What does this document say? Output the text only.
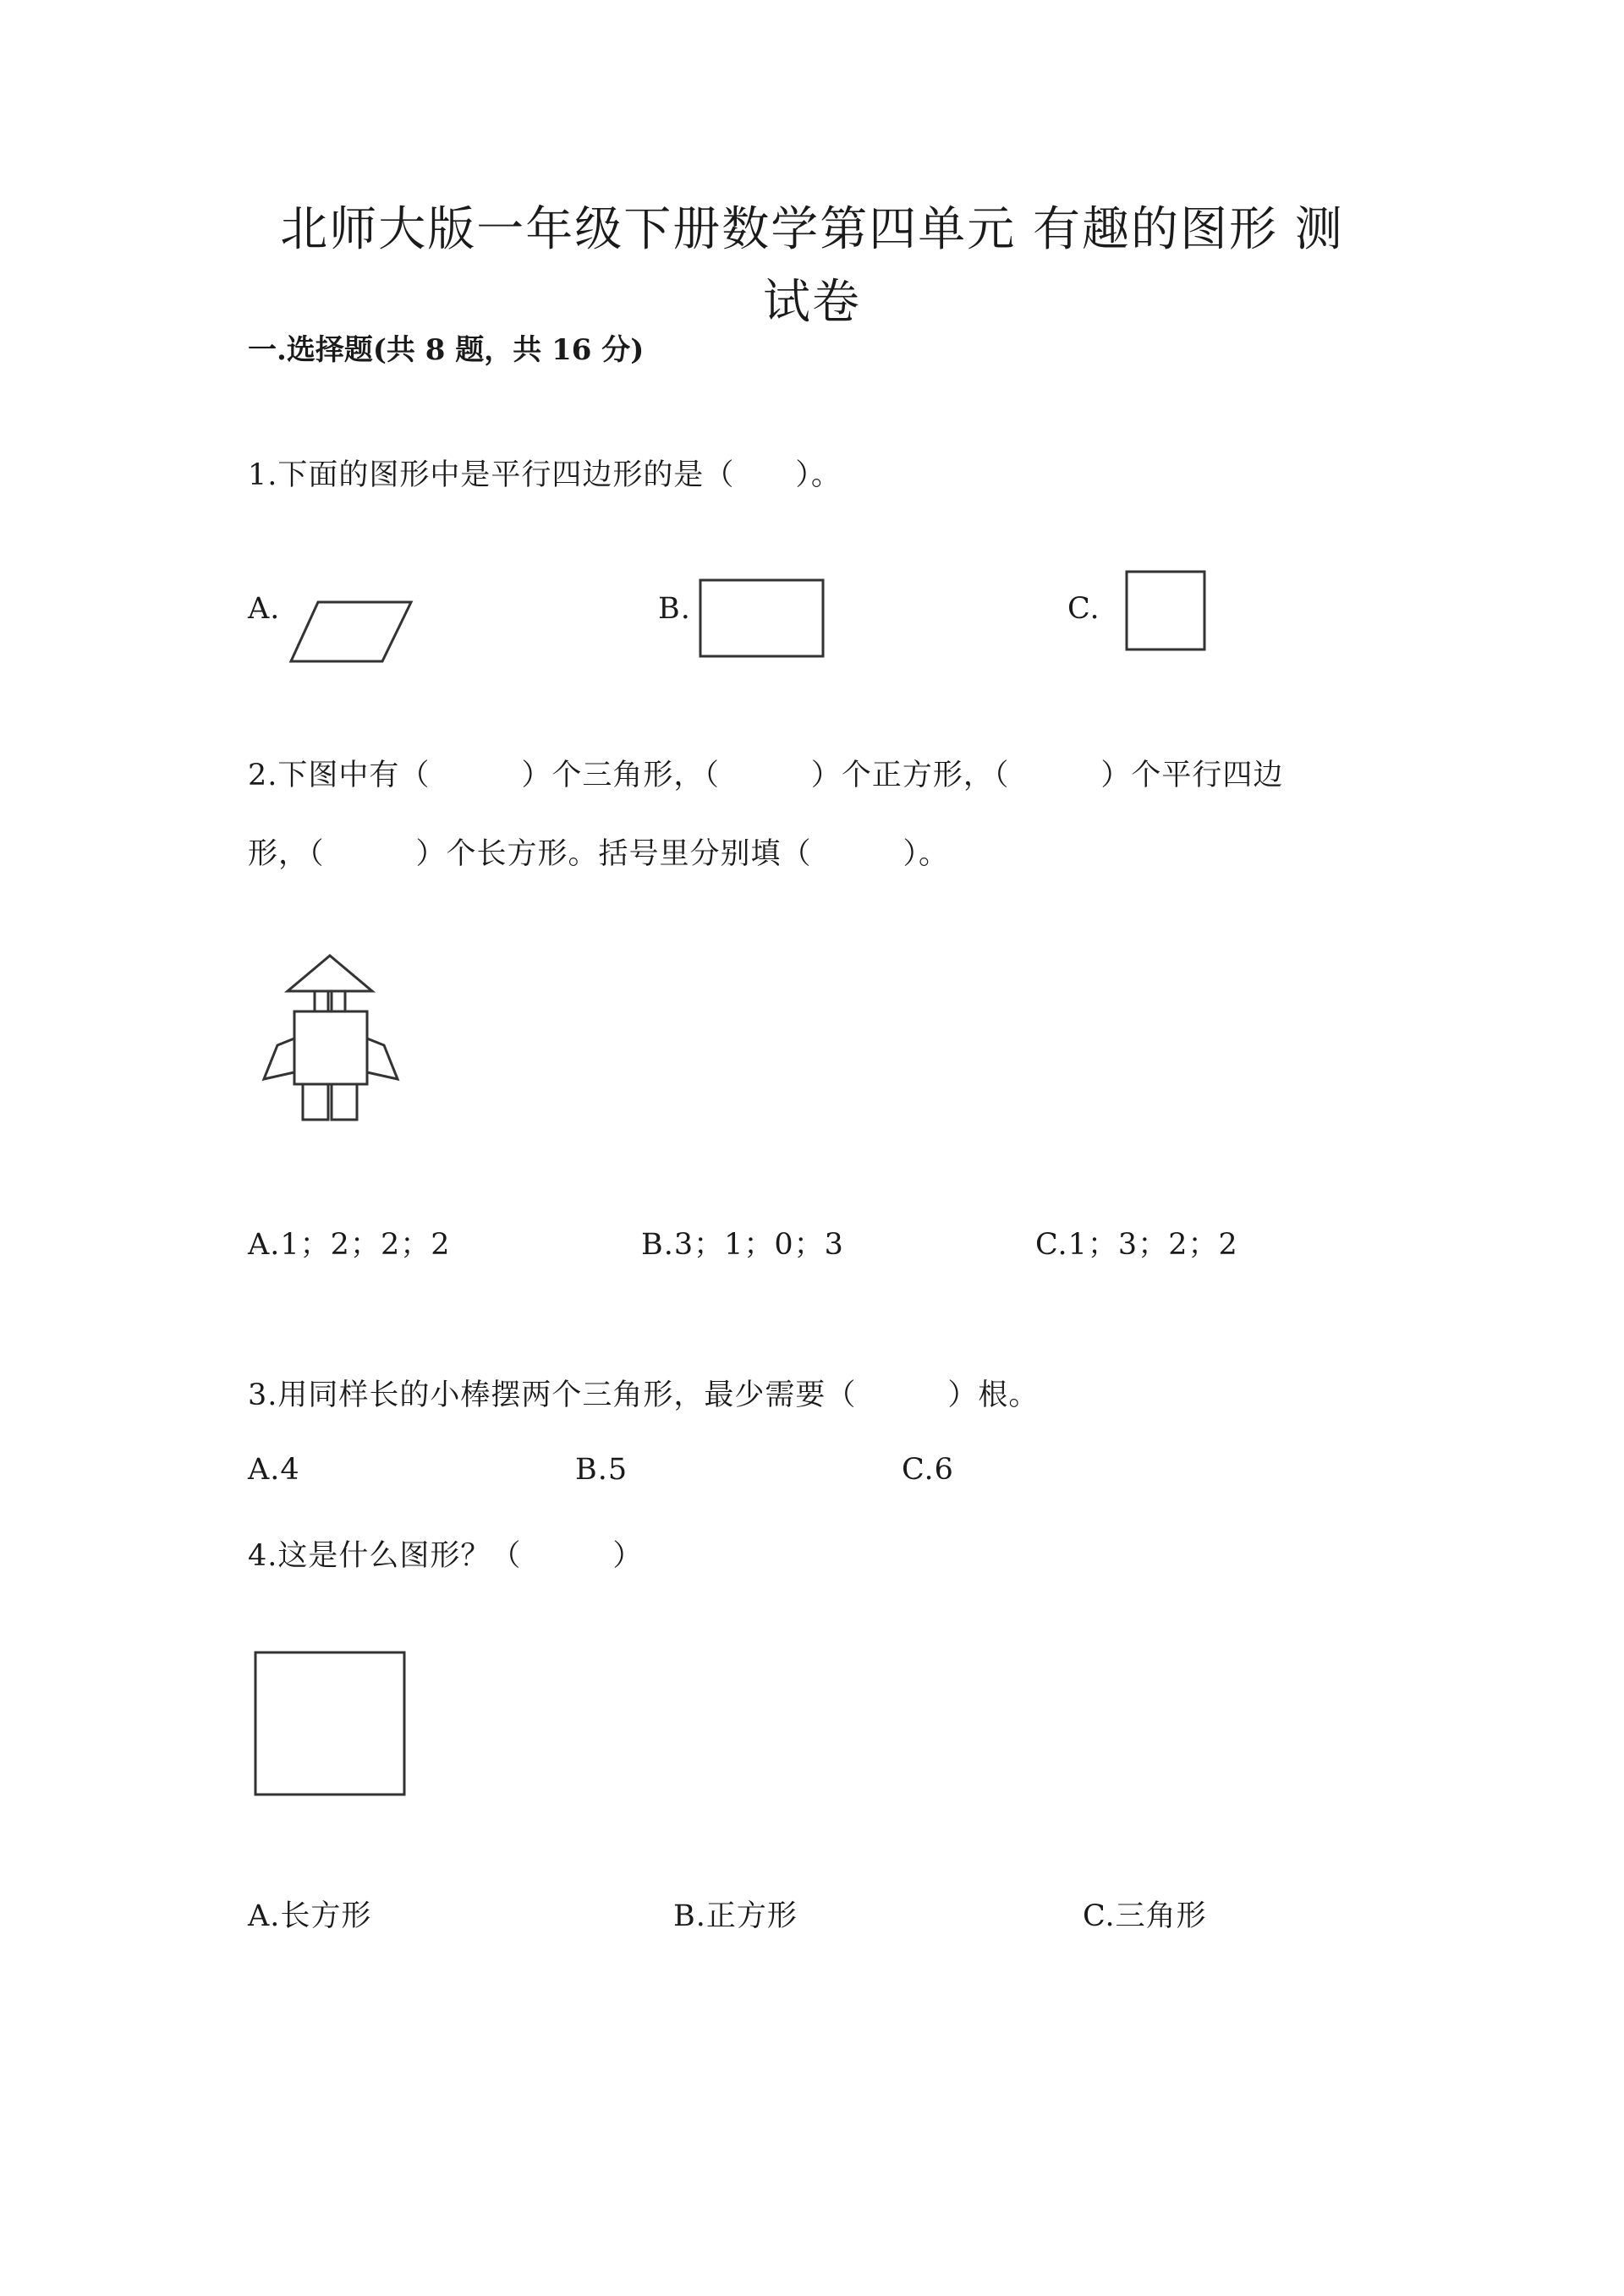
北师大版一年级下册数学第四单元 有趣的图形 测
试卷
一.选择题(共 8 题，共 16 分)
1.下面的图形中是平行四边形的是（　　）。
A.	B.	C.
2.下图中有（　　　）个三角形，（　　　）个正方形，（　　　）个平行四边
形，（　　　）个长方形。括号里分别填（　　　）。
A.1；2；2；2	B.3；1；0；3	C.1；3；2；2
3.用同样长的小棒摆两个三角形，最少需要（　　　）根。
A.4	B.5	C.6
4.这是什么图形？（　　　）
A.长方形	B.正方形	C.三角形
